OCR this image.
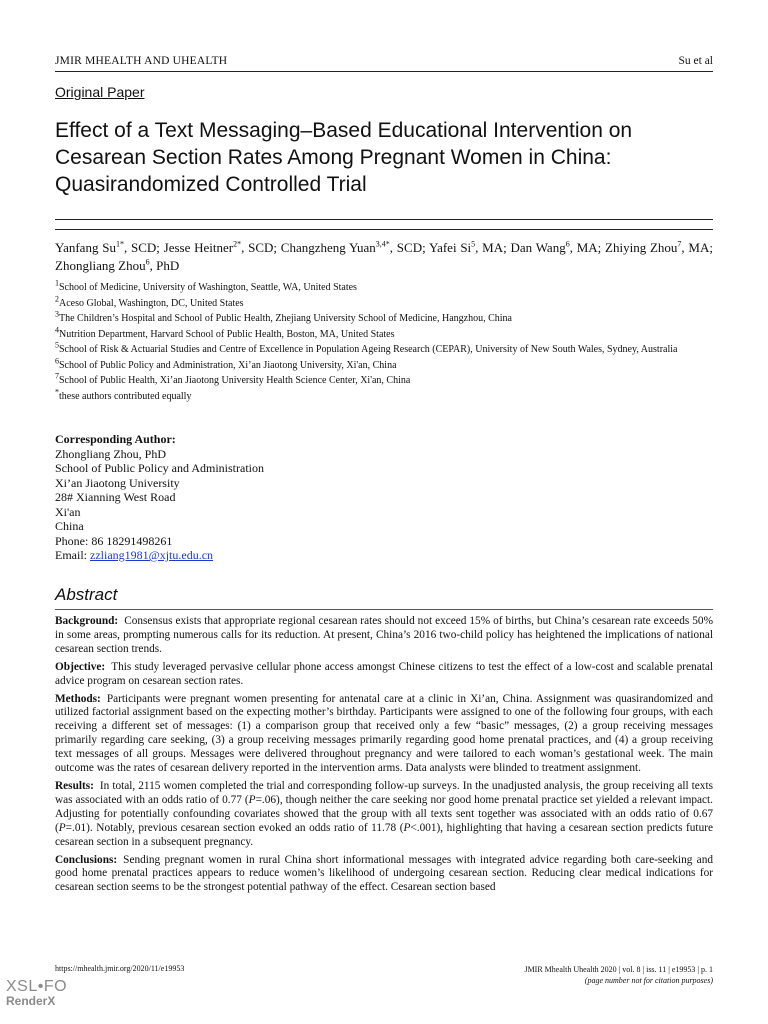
JMIR MHEALTH AND UHEALTH	Su et al
Original Paper
Effect of a Text Messaging–Based Educational Intervention on Cesarean Section Rates Among Pregnant Women in China: Quasirandomized Controlled Trial
Yanfang $Su^{1*}$, SCD; Jesse Heitner$^{2*}$, SCD; Changzheng Yuan$^{3,4*}$, SCD; Yafei Si$^5$, MA; Dan Wang$^6$, MA; Zhiying Zhou$^7$, MA; Zhongliang Zhou$^6$, PhD

$^1$School of Medicine, University of Washington, Seattle, WA, United States

$^2$Aceso Global, Washington, DC, United States

$^3$The Children’s Hospital and School of Public Health, Zhejiang University School of Medicine, Hangzhou, China

$^4$Nutrition Department, Harvard School of Public Health, Boston, MA, United States

$^5$School of Risk & Actuarial Studies and Centre of Excellence in Population Ageing Research (CEPAR), University of New South Wales, Sydney, Australia

$^6$School of Public Policy and Administration, Xi’an Jiaotong University, Xi'an, China

$^7$School of Public Health, Xi’an Jiaotong University Health Science Center, Xi'an, China

*these authors contributed equally

Corresponding Author:
Zhongliang Zhou, PhD
School of Public Policy and Administration
Xi’an Jiaotong University
28# Xianning West Road
Xi'an
China
Phone: 86 18291498261
Email: zzliang1981@xjtu.edu.cn
Abstract

Background: Consensus exists that appropriate regional cesarean rates should not exceed 15% of births, but China’s cesarean rate exceeds 50% in some areas, prompting numerous calls for its reduction. At present, China’s 2016 two-child policy has heightened the implications of national cesarean section trends.

Objective: This study leveraged pervasive cellular phone access amongst Chinese citizens to test the effect of a low-cost and scalable prenatal advice program on cesarean section rates.

Methods: Participants were pregnant women presenting for antenatal care at a clinic in Xi’an, China. Assignment was quasirandomized and utilized factorial assignment based on the expecting mother’s birthday. Participants were assigned to one of the following four groups, with each receiving a different set of messages: (1) a comparison group that received only a few “basic” messages, (2) a group receiving messages primarily regarding care seeking, (3) a group receiving messages primarily regarding good home prenatal practices, and (4) a group receiving text messages of all groups. Messages were delivered throughout pregnancy and were tailored to each woman’s gestational week. The main outcome was the rates of cesarean delivery reported in the intervention arms. Data analysts were blinded to treatment assignment.

Results: In total, 2115 women completed the trial and corresponding follow-up surveys. In the unadjusted analysis, the group receiving all texts was associated with an odds ratio of 0.77 (P=.06), though neither the care seeking nor good home prenatal practice set yielded a relevant impact. Adjusting for potentially confounding covariates showed that the group with all texts sent together was associated with an odds ratio of 0.67 (P=.01). Notably, previous cesarean section evoked an odds ratio of 11.78 (P<.001), highlighting that having a cesarean section predicts future cesarean section in a subsequent pregnancy.

Conclusions: Sending pregnant women in rural China short informational messages with integrated advice regarding both care-seeking and good home prenatal practices appears to reduce women’s likelihood of undergoing cesarean section. Reducing clear medical indications for cesarean section seems to be the strongest potential pathway of the effect. Cesarean section based

https://mhealth.jmir.org/2020/11/e19953	JMIR Mhealth Uhealth 2020 | vol. 8 | iss. 11 | e19953 | p. 1
(page number not for citation purposes)
XSL•FO
RenderX
